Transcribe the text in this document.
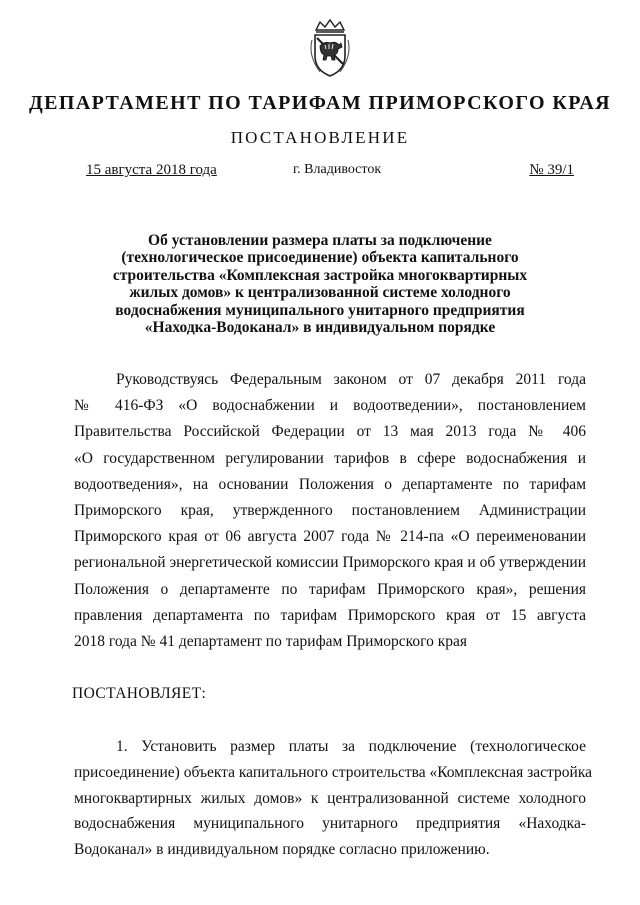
ДЕПАРТАМЕНТ ПО ТАРИФАМ ПРИМОРСКОГО КРАЯ
ПОСТАНОВЛЕНИЕ
15 августа 2018 года	г. Владивосток	№ 39/1
Об установлении размера платы за подключение
(технологическое присоединение) объекта капитального
строительства «Комплексная застройка многоквартирных
жилых домов» к централизованной системе холодного
водоснабжения муниципального унитарного предприятия
«Находка-Водоканал» в индивидуальном порядке
Руководствуясь Федеральным законом от 07 декабря 2011 года
№ 416-ФЗ «О водоснабжении и водоотведении», постановлением
Правительства Российской Федерации от 13 мая 2013 года № 406
«О государственном регулировании тарифов в сфере водоснабжения и
водоотведения», на основании Положения о департаменте по тарифам
Приморского края, утвержденного постановлением Администрации
Приморского края от 06 августа 2007 года № 214-па «О переименовании
региональной энергетической комиссии Приморского края и об утверждении
Положения о департаменте по тарифам Приморского края», решения
правления департамента по тарифам Приморского края от 15 августа
2018 года № 41 департамент по тарифам Приморского края
ПОСТАНОВЛЯЕТ:
1. Установить размер платы за подключение (технологическое
присоединение) объекта капитального строительства «Комплексная застройка
многоквартирных жилых домов» к централизованной системе холодного
водоснабжения муниципального унитарного предприятия «Находка-
Водоканал» в индивидуальном порядке согласно приложению.
